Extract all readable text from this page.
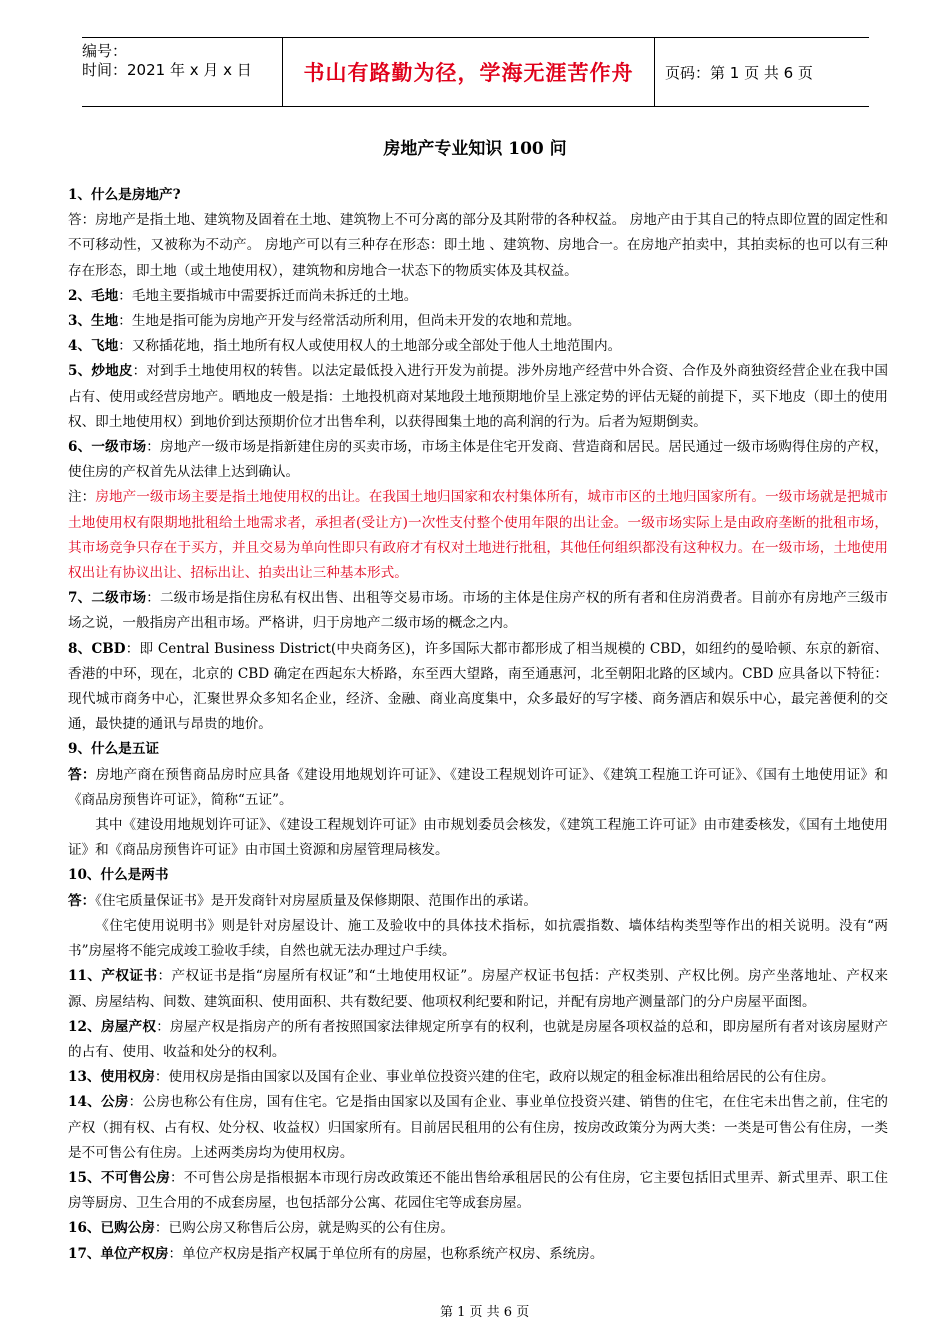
编号：
时间：2021 年 x 月 x 日	书山有路勤为径，学海无涯苦作舟	页码：第 1 页 共 6 页
房地产专业知识 100 问

1、什么是房地产?

答：房地产是指土地、建筑物及固着在土地、建筑物上不可分离的部分及其附带的各种权益。 房地产由于其自己的特点即位置的固定性和不可移动性，又被称为不动产。 房地产可以有三种存在形态：即土地 、建筑物、房地合一。在房地产拍卖中，其拍卖标的也可以有三种存在形态，即土地（或土地使用权），建筑物和房地合一状态下的物质实体及其权益。

2、毛地：毛地主要指城市中需要拆迁而尚未拆迁的土地。

3、生地：生地是指可能为房地产开发与经常活动所利用，但尚未开发的农地和荒地。

4、飞地：又称插花地，指土地所有权人或使用权人的土地部分或全部处于他人土地范围内。

5、炒地皮：对到手土地使用权的转售。以法定最低投入进行开发为前提。涉外房地产经营中外合资、合作及外商独资经营企业在我中国占有、使用或经营房地产。晒地皮一般是指：土地投机商对某地段土地预期地价呈上涨定势的评估无疑的前提下，买下地皮（即土的使用权、即土地使用权）到地价到达预期价位才出售牟利，以获得囤集土地的高利润的行为。后者为短期倒卖。

6、一级市场：房地产一级市场是指新建住房的买卖市场，市场主体是住宅开发商、营造商和居民。居民通过一级市场购得住房的产权，使住房的产权首先从法律上达到确认。

注：房地产一级市场主要是指土地使用权的出让。在我国土地归国家和农村集体所有，城市市区的土地归国家所有。一级市场就是把城市土地使用权有限期地批租给土地需求者，承担者(受让方)一次性支付整个使用年限的出让金。一级市场实际上是由政府垄断的批租市场，其市场竞争只存在于买方，并且交易为单向性即只有政府才有权对土地进行批租，其他任何组织都没有这种权力。在一级市场，土地使用权出让有协议出让、招标出让、拍卖出让三种基本形式。

7、二级市场：二级市场是指住房私有权出售、出租等交易市场。市场的主体是住房产权的所有者和住房消费者。目前亦有房地产三级市场之说，一般指房产出租市场。严格讲，归于房地产二级市场的概念之内。

8、CBD：即 Central Business District(中央商务区)，许多国际大都市都形成了相当规模的 CBD，如纽约的曼哈顿、东京的新宿、香港的中环，现在，北京的 CBD 确定在西起东大桥路，东至西大望路，南至通惠河，北至朝阳北路的区域内。CBD 应具备以下特征：现代城市商务中心，汇聚世界众多知名企业，经济、金融、商业高度集中，众多最好的写字楼、商务酒店和娱乐中心，最完善便利的交通，最快捷的通讯与昂贵的地价。

9、什么是五证

答：房地产商在预售商品房时应具备《建设用地规划许可证》、《建设工程规划许可证》、《建筑工程施工许可证》、《国有土地使用证》和《商品房预售许可证》，简称“五证”。

其中《建设用地规划许可证》、《建设工程规划许可证》由市规划委员会核发，《建筑工程施工许可证》由市建委核发，《国有土地使用证》和《商品房预售许可证》由市国土资源和房屋管理局核发。

10、什么是两书

答：《住宅质量保证书》是开发商针对房屋质量及保修期限、范围作出的承诺。

《住宅使用说明书》则是针对房屋设计、施工及验收中的具体技术指标，如抗震指数、墙体结构类型等作出的相关说明。没有“两书”房屋将不能完成竣工验收手续，自然也就无法办理过户手续。

11、产权证书：产权证书是指“房屋所有权证”和“土地使用权证”。房屋产权证书包括：产权类别、产权比例。房产坐落地址、产权来源、房屋结构、间数、建筑面积、使用面积、共有数纪要、他项权利纪要和附记，并配有房地产测量部门的分户房屋平面图。

12、房屋产权：房屋产权是指房产的所有者按照国家法律规定所享有的权利，也就是房屋各项权益的总和，即房屋所有者对该房屋财产的占有、使用、收益和处分的权利。

13、使用权房：使用权房是指由国家以及国有企业、事业单位投资兴建的住宅，政府以规定的租金标准出租给居民的公有住房。

14、公房：公房也称公有住房，国有住宅。它是指由国家以及国有企业、事业单位投资兴建、销售的住宅，在住宅未出售之前，住宅的产权（拥有权、占有权、处分权、收益权）归国家所有。目前居民租用的公有住房，按房改政策分为两大类：一类是可售公有住房，一类是不可售公有住房。上述两类房均为使用权房。

15、不可售公房：不可售公房是指根据本市现行房改政策还不能出售给承租居民的公有住房，它主要包括旧式里弄、新式里弄、职工住房等厨房、卫生合用的不成套房屋，也包括部分公寓、花园住宅等成套房屋。

16、已购公房：已购公房又称售后公房，就是购买的公有住房。

17、单位产权房：单位产权房是指产权属于单位所有的房屋，也称系统产权房、系统房。

第 1 页 共 6 页
